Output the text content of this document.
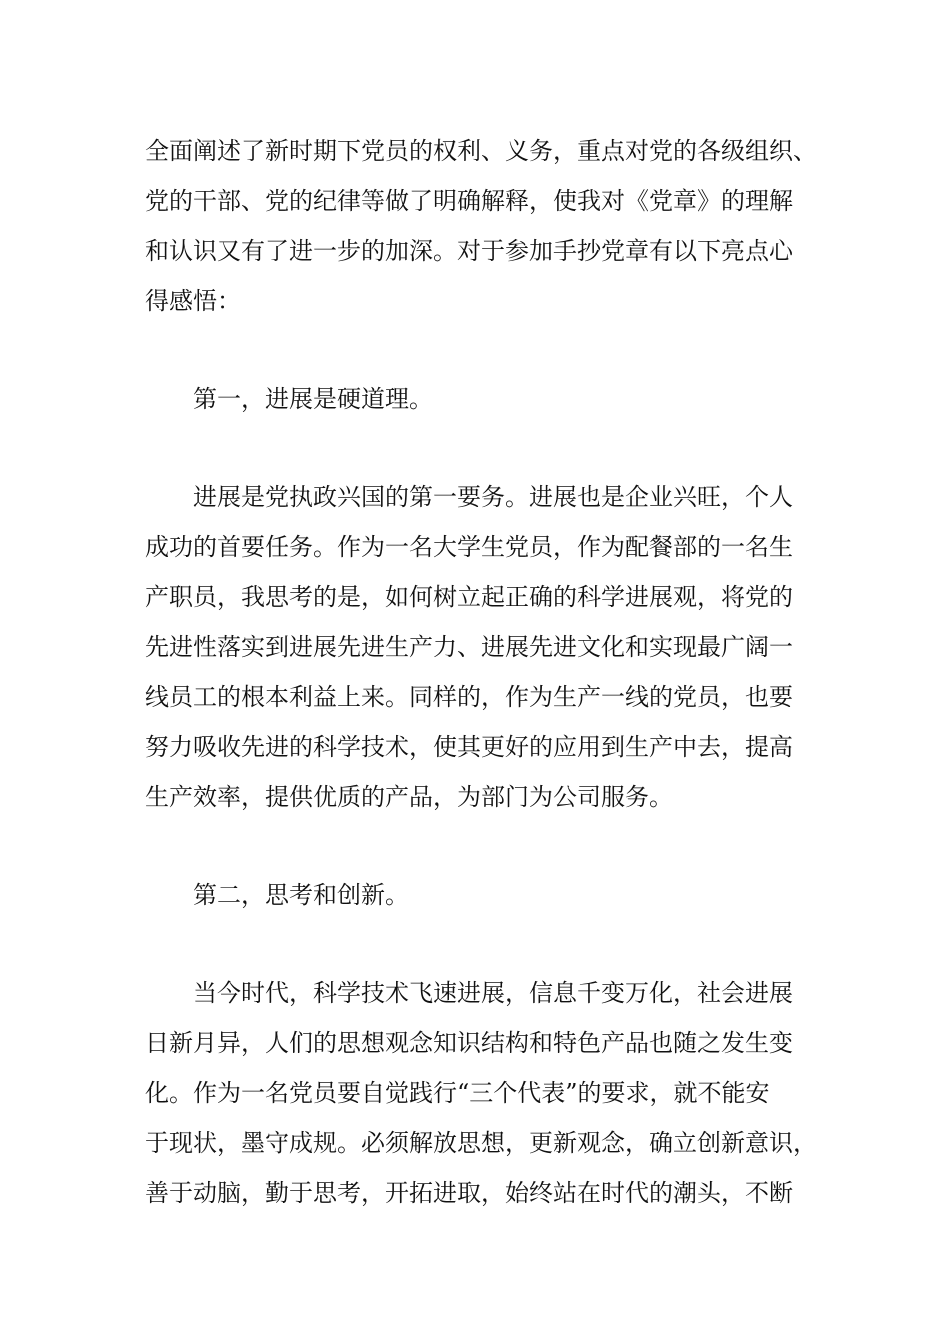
全面阐述了新时期下党员的权利、义务，重点对党的各级组织、
党的干部、党的纪律等做了明确解释，使我对《党章》的理解
和认识又有了进一步的加深。对于参加手抄党章有以下亮点心
得感悟：
第一，进展是硬道理。
进展是党执政兴国的第一要务。进展也是企业兴旺，个人
成功的首要任务。作为一名大学生党员，作为配餐部的一名生
产职员，我思考的是，如何树立起正确的科学进展观，将党的
先进性落实到进展先进生产力、进展先进文化和实现最广阔一
线员工的根本利益上来。同样的，作为生产一线的党员，也要
努力吸收先进的科学技术，使其更好的应用到生产中去，提高
生产效率，提供优质的产品，为部门为公司服务。
第二，思考和创新。
当今时代，科学技术飞速进展，信息千变万化，社会进展
日新月异，人们的思想观念知识结构和特色产品也随之发生变
化。作为一名党员要自觉践行“三个代表”的要求，就不能安
于现状，墨守成规。必须解放思想，更新观念，确立创新意识，
善于动脑，勤于思考，开拓进取，始终站在时代的潮头，不断
